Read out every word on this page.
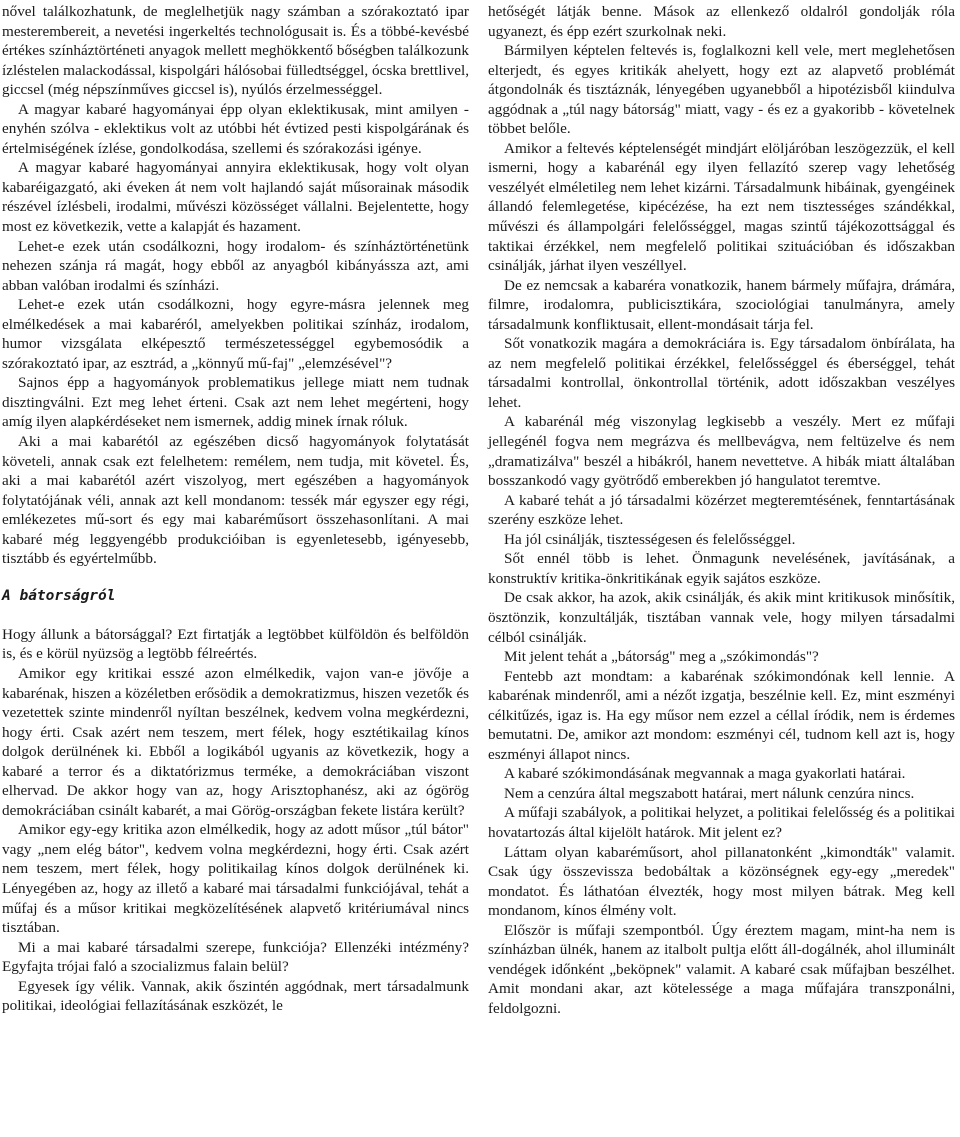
nővel találkozhatunk, de meglelhetjük nagy számban a szórakoztató ipar mesterembereit, a nevetési ingerkeltés technológusait is. És a többé-kevésbé értékes színháztörténeti anyagok mellett meghökkentő bőségben találkozunk ízléstelen malackodással, kispolgári hálósobai fülledtséggel, ócska brettlivel, giccsel (még népszínműves giccsel is), nyúlós érzelmességgel.

A magyar kabaré hagyományai épp olyan eklektikusak, mint amilyen - enyhén szólva - eklektikus volt az utóbbi hét évtized pesti kispolgárának és értelmiségének ízlése, gondolkodása, szellemi és szórakozási igénye.

A magyar kabaré hagyományai annyira eklektikusak, hogy volt olyan kabaréigazgató, aki éveken át nem volt hajlandó saját műsorainak második részével ízlésbeli, irodalmi, művészi közösséget vállalni. Bejelentette, hogy most ez következik, vette a kalapját és hazament.

Lehet-e ezek után csodálkozni, hogy irodalom- és színháztörténetünk nehezen szánja rá magát, hogy ebből az anyagból kibányássza azt, ami abban valóban irodalmi és színházi.

Lehet-e ezek után csodálkozni, hogy egyre-másra jelennek meg elmélkedések a mai kabaréról, amelyekben politikai színház, irodalom, humor vizsgálata elképesztő természetességgel egybemosódik a szórakoztató ipar, az esztrád, a „könnyű mű-faj" „elemzésével"?

Sajnos épp a hagyományok problematikus jellege miatt nem tudnak disztingválni. Ezt meg lehet érteni. Csak azt nem lehet megérteni, hogy amíg ilyen alapkérdéseket nem ismernek, addig minek írnak róluk.

Aki a mai kabarétól az egészében dicső hagyományok folytatását követeli, annak csak ezt felelhetem: remélem, nem tudja, mit követel. És, aki a mai kabarétól azért viszolyog, mert egészében a hagyományok folytatójának véli, annak azt kell mondanom: tessék már egyszer egy régi, emlékezetes mű-sort és egy mai kabaréműsort összehasonlítani. A mai kabaré még leggyengébb produkcióiban is egyenletesebb, igényesebb, tisztább és egyértelműbb.

A bátorságról

Hogy állunk a bátorsággal? Ezt firtatják a legtöbbet külföldön és belföldön is, és e körül nyüzsög a legtöbb félreértés.

Amikor egy kritikai esszé azon elmélkedik, vajon van-e jövője a kabarénak, hiszen a közéletben erősödik a demokratizmus, hiszen vezetők és vezetettek szinte mindenről nyíltan beszélnek, kedvem volna megkérdezni, hogy érti. Csak azért nem teszem, mert félek, hogy esztétikailag kínos dolgok derülnének ki. Ebből a logikából ugyanis az következik, hogy a kabaré a terror és a diktatórizmus terméke, a demokráciában viszont elhervad. De akkor hogy van az, hogy Arisztophanész, aki az ógörög demokráciában csinált kabarét, a mai Görög-országban fekete listára került?

Amikor egy-egy kritika azon elmélkedik, hogy az adott műsor „túl bátor" vagy „nem elég bátor", kedvem volna megkérdezni, hogy érti. Csak azért nem teszem, mert félek, hogy politikailag kínos dolgok derülnének ki. Lényegében az, hogy az illető a kabaré mai társadalmi funkciójával, tehát a műfaj és a műsor kritikai megközelítésének alapvető kritériumával nincs tisztában.

Mi a mai kabaré társadalmi szerepe, funkciója? Ellenzéki intézmény? Egyfajta trójai faló a szocializmus falain belül?

Egyesek így vélik. Vannak, akik őszintén aggódnak, mert társadalmunk politikai, ideológiai fellazításának eszközét, le

hetőségét látják benne. Mások az ellenkező oldalról gondolják róla ugyanezt, és épp ezért szurkolnak neki.

Bármilyen képtelen feltevés is, foglalkozni kell vele, mert meglehetősen elterjedt, és egyes kritikák ahelyett, hogy ezt az alapvető problémát átgondolnák és tisztáznák, lényegében ugyanebből a hipotézisből kiindulva aggódnak a „túl nagy bátorság" miatt, vagy - és ez a gyakoribb - követelnek többet belőle.

Amikor a feltevés képtelenségét mindjárt elöljáróban leszögezzük, el kell ismerni, hogy a kabarénál egy ilyen fellazító szerep vagy lehetőség veszélyét elméletileg nem lehet kizárni. Társadalmunk hibáinak, gyengéinek állandó felemlegetése, kipécézése, ha ezt nem tisztességes szándékkal, művészi és állampolgári felelősséggel, magas szintű tájékozottsággal és taktikai érzékkel, nem megfelelő politikai szituációban és időszakban csinálják, járhat ilyen veszéllyel.

De ez nemcsak a kabaréra vonatkozik, hanem bármely műfajra, drámára, filmre, irodalomra, publicisztikára, szociológiai tanulmányra, amely társadalmunk konfliktusait, ellent-mondásait tárja fel.

Sőt vonatkozik magára a demokráciára is. Egy társadalom önbírálata, ha az nem megfelelő politikai érzékkel, felelősséggel és éberséggel, tehát társadalmi kontrollal, önkontrollal történik, adott időszakban veszélyes lehet.

A kabarénál még viszonylag legkisebb a veszély. Mert ez műfaji jellegénél fogva nem megrázva és mellbevágva, nem feltüzelve és nem „dramatizálva" beszél a hibákról, hanem nevettetve. A hibák miatt általában bosszankodó vagy gyötrődő emberekben jó hangulatot teremtve.

A kabaré tehát a jó társadalmi közérzet megteremtésének, fenntartásának szerény eszköze lehet.

Ha jól csinálják, tisztességesen és felelősséggel.

Sőt ennél több is lehet. Önmagunk nevelésének, javításának, a konstruktív kritika-önkritikának egyik sajátos eszköze.

De csak akkor, ha azok, akik csinálják, és akik mint kritikusok minősítik, ösztönzik, konzultálják, tisztában vannak vele, hogy milyen társadalmi célból csinálják.

Mit jelent tehát a „bátorság" meg a „szókimondás"?

Fentebb azt mondtam: a kabarénak szókimondónak kell lennie. A kabarénak mindenről, ami a nézőt izgatja, beszélnie kell. Ez, mint eszményi célkitűzés, igaz is. Ha egy műsor nem ezzel a céllal íródik, nem is érdemes bemutatni. De, amikor azt mondom: eszményi cél, tudnom kell azt is, hogy eszményi állapot nincs.

A kabaré szókimondásának megvannak a maga gyakorlati határai.

Nem a cenzúra által megszabott határai, mert nálunk cenzúra nincs.

A műfaji szabályok, a politikai helyzet, a politikai felelősség és a politikai hovatartozás által kijelölt határok. Mit jelent ez?

Láttam olyan kabaréműsort, ahol pillanatonként „kimondták" valamit. Csak úgy összevissza bedobáltak a közönségnek egy-egy „meredek" mondatot. És láthatóan élvezték, hogy most milyen bátrak. Meg kell mondanom, kínos élmény volt.

Először is műfaji szempontból. Úgy éreztem magam, mint-ha nem is színházban ülnék, hanem az italbolt pultja előtt áll-dogálnék, ahol illuminált vendégek időnként „beköpnek" valamit. A kabaré csak műfajban beszélhet. Amit mondani akar, azt kötelessége a maga műfajára transzponálni, feldolgozni.
